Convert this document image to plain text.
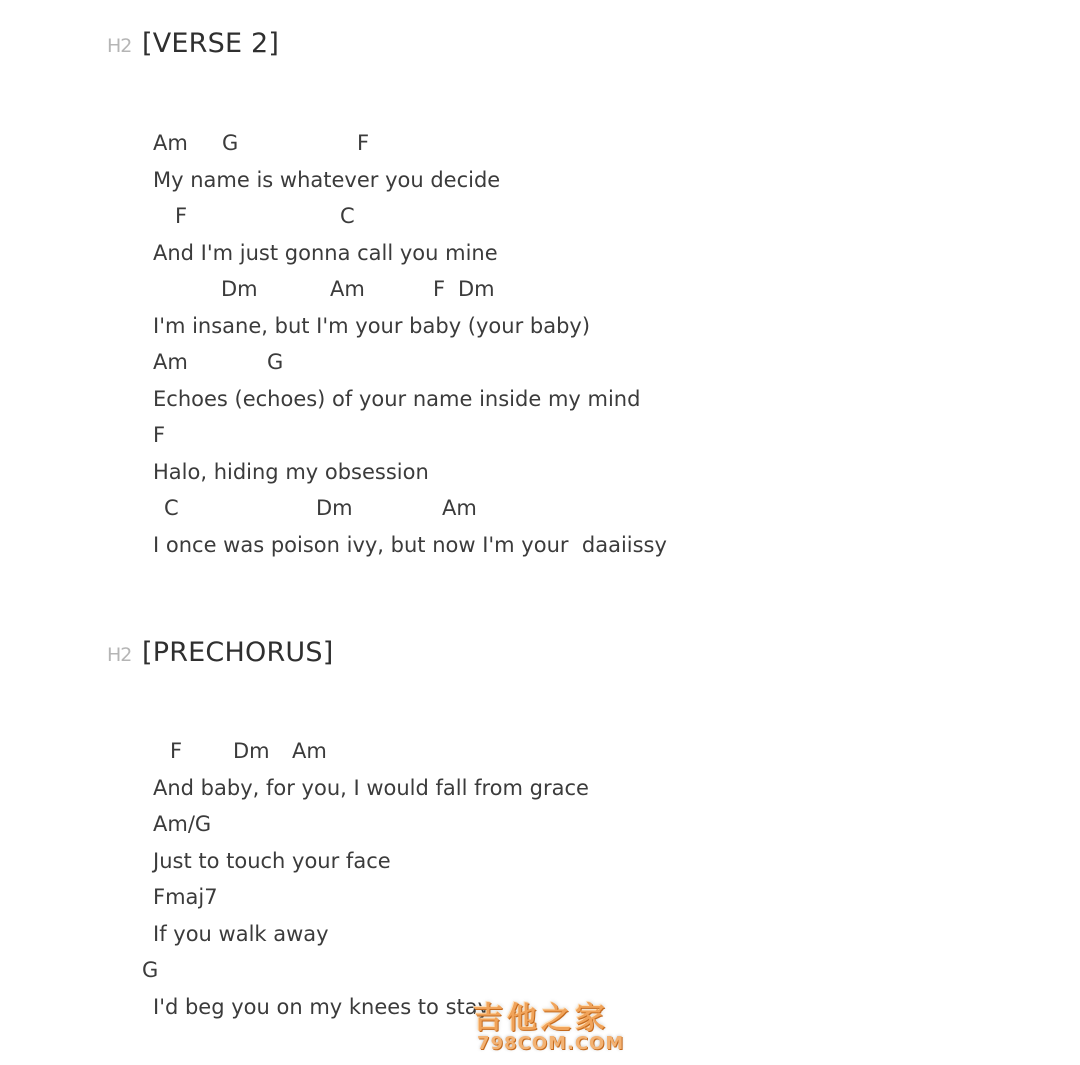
H2 [VERSE 2]
Am G	F
My name is whatever you decide
F	C
And I'm just gonna call you mine
Dm	Am	F Dm
I'm insane, but I'm your baby (your baby)
Am	G
Echoes (echoes) of your name inside my mind
F
Halo, hiding my obsession
C	Dm	Am
I once was poison ivy, but now I'm your  daaiissy
H2 [PRECHORUS]
F Dm Am
And baby, for you, I would fall from grace
Am/G
Just to touch your face
Fmaj7
If you walk away
G
I'd beg you on my knees to stay
吉他之家
798COM.COM
